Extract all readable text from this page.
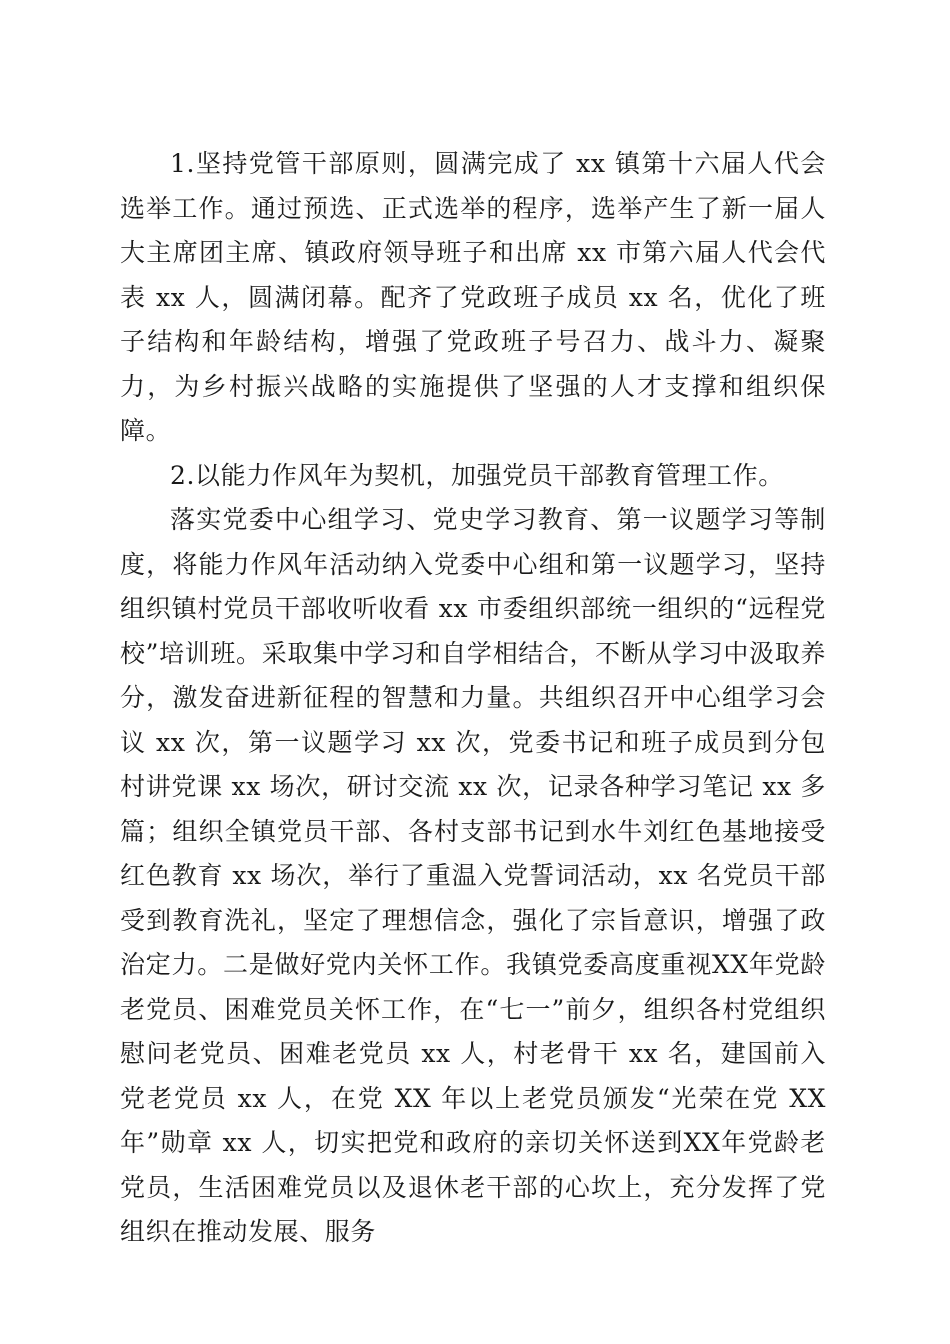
1.坚持党管干部原则，圆满完成了 xx 镇第十六届人代会选举工作。通过预选、正式选举的程序，选举产生了新一届人大主席团主席、镇政府领导班子和出席 xx 市第六届人代会代表 xx 人，圆满闭幕。配齐了党政班子成员 xx 名，优化了班子结构和年龄结构，增强了党政班子号召力、战斗力、凝聚力，为乡村振兴战略的实施提供了坚强的人才支撑和组织保障。

2.以能力作风年为契机，加强党员干部教育管理工作。

落实党委中心组学习、党史学习教育、第一议题学习等制度，将能力作风年活动纳入党委中心组和第一议题学习，坚持组织镇村党员干部收听收看 xx 市委组织部统一组织的“远程党校”培训班。采取集中学习和自学相结合，不断从学习中汲取养分，激发奋进新征程的智慧和力量。共组织召开中心组学习会议 xx 次，第一议题学习 xx 次，党委书记和班子成员到分包村讲党课 xx 场次，研讨交流 xx 次，记录各种学习笔记 xx 多篇；组织全镇党员干部、各村支部书记到水牛刘红色基地接受红色教育 xx 场次，举行了重温入党誓词活动，xx 名党员干部受到教育洗礼，坚定了理想信念，强化了宗旨意识，增强了政治定力。二是做好党内关怀工作。我镇党委高度重视XX年党龄老党员、困难党员关怀工作，在“七一”前夕，组织各村党组织慰问老党员、困难老党员 xx 人，村老骨干 xx 名，建国前入党老党员 xx 人，在党 XX 年以上老党员颁发“光荣在党 XX 年”勋章 xx 人，切实把党和政府的亲切关怀送到XX年党龄老党员，生活困难党员以及退休老干部的心坎上，充分发挥了党组织在推动发展、服务
